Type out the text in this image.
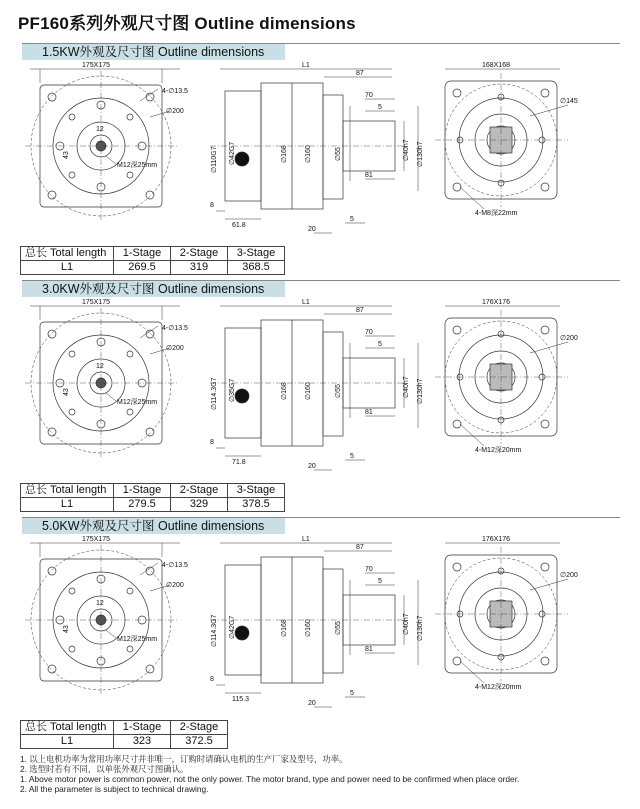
PF160系列外观尺寸图 Outline dimensions
1.5KW外观及尺寸图 Outline dimensions
175X175
4-∅13.5
∅200
12
43
M12深25mm
L1
87
70
5
81
∅40h7 ∅130h7
∅168 ∅160	∅55
∅110G7 ∅42G7
8
61.8
20
5
168X168
∅145
4-M8深22mm
总长 Total length	1-Stage	2-Stage	3-Stage
L1	269.5	319	368.5
3.0KW外观及尺寸图 Outline dimensions
175X175
4-∅13.5
∅200
12
43
M12深25mm
L1
87
70
5
81
∅40h7 ∅130h7
∅168 ∅160	∅55
∅114.3G7 ∅35G7
8
71.8
20
5
176X176
∅200
4-M12深20mm
总长 Total length	1-Stage	2-Stage	3-Stage
L1	279.5	329	378.5
5.0KW外观及尺寸图 Outline dimensions
175X175
4-∅13.5
∅200
12
43
M12深25mm
L1
87
70
5
81
∅40h7 ∅130h7
∅168 ∅160	∅55
∅114.3G7 ∅42G7
8
115.3
20
5
176X176
∅200
4-M12深20mm
总长 Total length	1-Stage	2-Stage
L1	323	372.5
1. 以上电机功率为常用功率尺寸并非唯一，订购时请确认电机的生产厂家及型号，功率。
2. 选型时若有不同，以单张外观尺寸图确认。
1. Above motor power is common power, not the only power. The motor brand, type and power need to be confirmed when place order.
2. All the parameter is subject to technical drawing.
